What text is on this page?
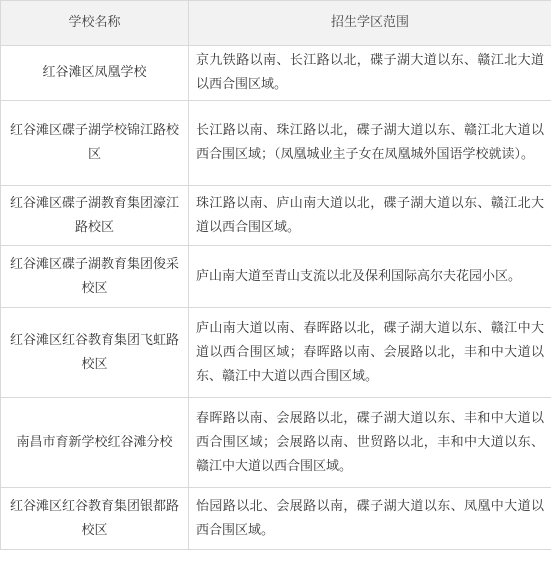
学校名称	招生学区范围
红谷滩区凤凰学校	京九铁路以南、长江路以北，碟子湖大道以东、赣江北大道以西合围区域。
红谷滩区碟子湖学校锦江路校区	长江路以南、珠江路以北，碟子湖大道以东、赣江北大道以西合围区域；（凤凰城业主子女在凤凰城外国语学校就读）。
红谷滩区碟子湖教育集团濠江路校区	珠江路以南、庐山南大道以北，碟子湖大道以东、赣江北大道以西合围区域。
红谷滩区碟子湖教育集团俊采校区	庐山南大道至青山支流以北及保利国际高尔夫花园小区。
红谷滩区红谷教育集团飞虹路校区	庐山南大道以南、春晖路以北，碟子湖大道以东、赣江中大道以西合围区域；春晖路以南、会展路以北，丰和中大道以东、赣江中大道以西合围区域。
南昌市育新学校红谷滩分校	春晖路以南、会展路以北，碟子湖大道以东、丰和中大道以西合围区域；会展路以南、世贸路以北，丰和中大道以东、赣江中大道以西合围区域。
红谷滩区红谷教育集团银都路校区	怡园路以北、会展路以南，碟子湖大道以东、凤凰中大道以西合围区域。
